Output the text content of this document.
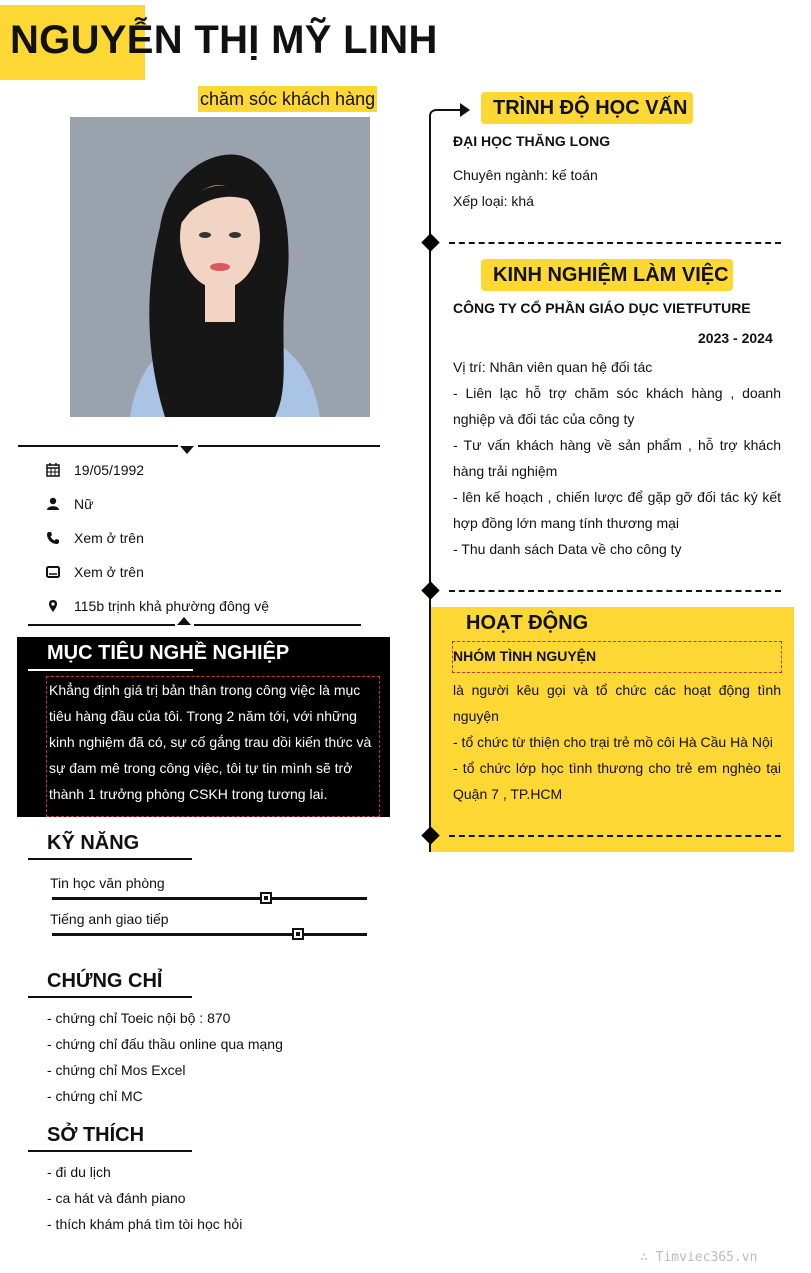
NGUYỄN THỊ MỸ LINH
chăm sóc khách hàng
19/05/1992
Nữ
Xem ở trên
Xem ở trên
115b trịnh khả phường đông vệ
MỤC TIÊU NGHỀ NGHIỆP
Khẳng định giá trị bản thân trong công việc là mục tiêu hàng đầu của tôi. Trong 2 năm tới, với những kinh nghiệm đã có, sự cố gắng trau dồi kiến thức và sự đam mê trong công việc, tôi tự tin mình sẽ trở thành 1 trưởng phòng CSKH trong tương lai.
KỸ NĂNG
Tin học văn phòng
Tiếng anh giao tiếp
CHỨNG CHỈ
- chứng chỉ Toeic nội bộ : 870
- chứng chỉ đấu thầu online qua mạng
- chứng chỉ Mos Excel
- chứng chỉ MC
SỞ THÍCH
- đi du lịch
- ca hát và đánh piano
- thích khám phá tìm tòi học hỏi
TRÌNH ĐỘ HỌC VẤN
ĐẠI HỌC THĂNG LONG
Chuyên ngành: kế toán
Xếp loại: khá
KINH NGHIỆM LÀM VIỆC
CÔNG TY CỔ PHẦN GIÁO DỤC VIETFUTURE
2023 - 2024
Vị trí: Nhân viên quan hệ đối tác
- Liên lạc hỗ trợ chăm sóc khách hàng , doanh nghiệp và đối tác của công ty
- Tư vấn khách hàng về sản phẩm , hỗ trợ khách hàng trải nghiệm
- lên kế hoạch , chiến lược để gặp gỡ đối tác ký kết hợp đồng lớn mang tính thương mại
- Thu danh sách Data về cho công ty
HOẠT ĐỘNG
NHÓM TÌNH NGUYỆN
là người kêu gọi và tổ chức các hoạt động tình nguyện
- tổ chức từ thiện cho trại trẻ mồ côi Hà Cầu Hà Nội
- tổ chức lớp học tình thương cho trẻ em nghèo tại Quận 7 , TP.HCM
∴ Timviec365.vn
